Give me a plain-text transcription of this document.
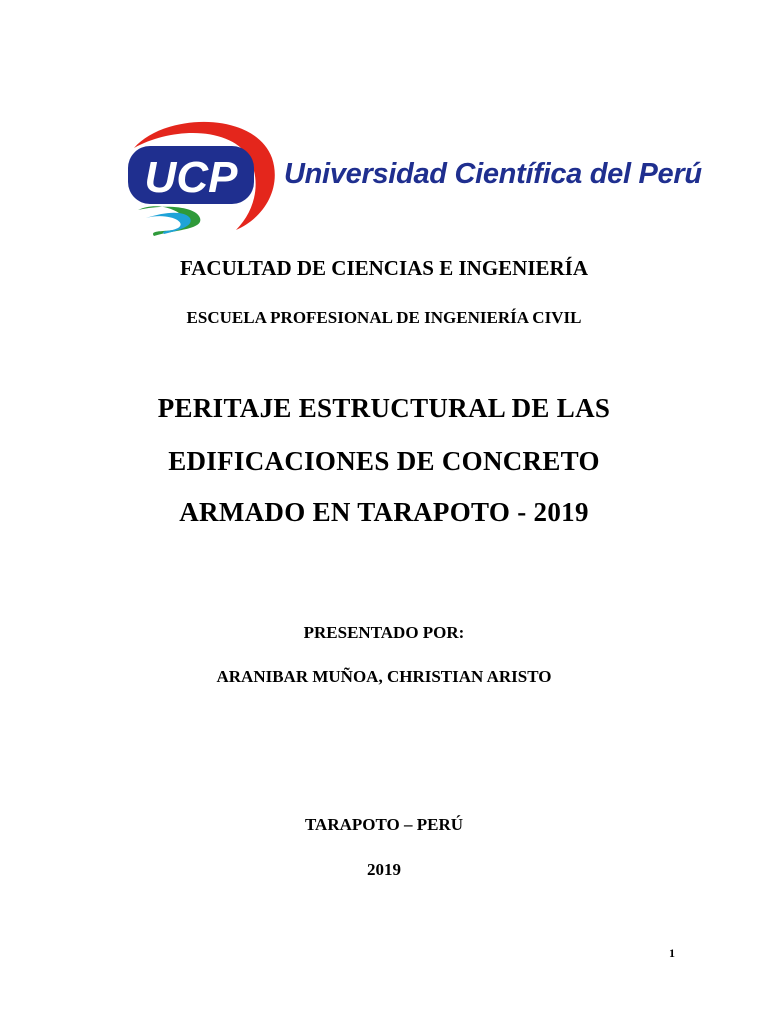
UCP Universidad Científica del Perú
FACULTAD DE CIENCIAS E INGENIERÍA
ESCUELA PROFESIONAL DE INGENIERÍA CIVIL
PERITAJE ESTRUCTURAL DE LAS
EDIFICACIONES DE CONCRETO
ARMADO EN TARAPOTO - 2019
PRESENTADO POR:
ARANIBAR MUÑOA, CHRISTIAN ARISTO
TARAPOTO – PERÚ
2019
1
